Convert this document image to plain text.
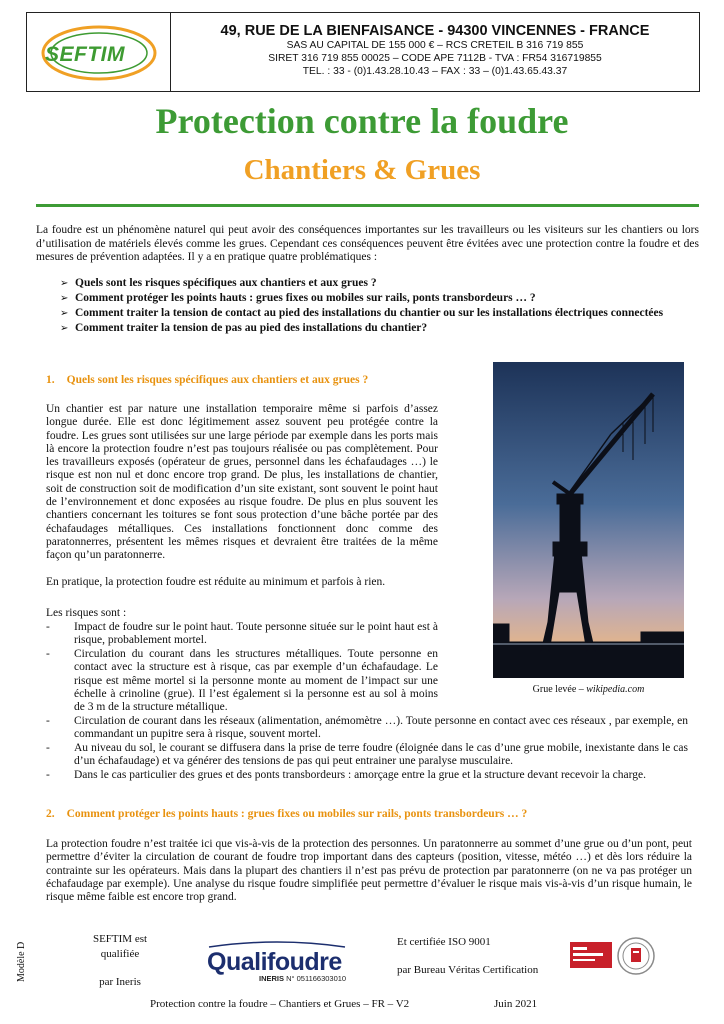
SEFTIM
49, RUE DE LA BIENFAISANCE - 94300 VINCENNES - FRANCE
SAS AU CAPITAL DE 155 000 € – RCS CRETEIL B 316 719 855
SIRET 316 719 855 00025 – CODE APE 7112B - TVA : FR54 316719855
TEL. : 33 - (0)1.43.28.10.43 – FAX : 33 – (0)1.43.65.43.37
Protection contre la foudre
Chantiers & Grues

La foudre est un phénomène naturel qui peut avoir des conséquences importantes sur les travailleurs ou les visiteurs sur les chantiers ou lors d’utilisation de matériels élevés comme les grues. Cependant ces conséquences peuvent être évitées avec une protection contre la foudre et des mesures de prévention adaptées. Il y a en pratique quatre problématiques :

➢ Quels sont les risques spécifiques aux chantiers et aux grues ?
➢ Comment protéger les points hauts : grues fixes ou mobiles sur rails, ponts transbordeurs … ?
➢ Comment traiter la tension de contact au pied des installations du chantier ou sur les installations électriques connectées
➢ Comment traiter la tension de pas au pied des installations du chantier?
1. Quels sont les risques spécifiques aux chantiers et aux grues ?

Un chantier est par nature une installation temporaire même si parfois d’assez longue durée. Elle est donc légitimement assez souvent peu protégée contre la foudre. Les grues sont utilisées sur une large période par exemple dans les ports mais là encore la protection foudre n’est pas toujours réalisée ou pas complètement. Pour les travailleurs exposés (opérateur de grues, personnel dans les échafaudages …) le risque est non nul et donc encore trop grand. De plus, les installations de chantier, soit de construction soit de modification d’un site existant, sont souvent le point haut de l’environnement et donc exposées au risque foudre. De plus en plus souvent les chantiers concernant les toitures se font sous protection d’une bâche portée par des échafaudages métalliques. Ces installations fonctionnent donc comme des paratonnerres, présentent les mêmes risques et devraient être traitées de la même façon qu’un paratonnerre.

En pratique, la protection foudre est réduite au minimum et parfois à rien.

Grue levée – wikipedia.com
Les risques sont :
- Impact de foudre sur le point haut. Toute personne située sur le point haut est à risque, probablement mortel.
- Circulation du courant dans les structures métalliques. Toute personne en contact avec la structure est à risque, cas par exemple d’un échafaudage. Le risque est même mortel si la personne monte au moment de l’impact sur une échelle à crinoline (grue). Il l’est également si la personne est au sol à moins de 3 m de la structure métallique.
- Circulation de courant dans les réseaux (alimentation, anémomètre …). Toute personne en contact avec ces réseaux , par exemple, en commandant un pupitre sera à risque, souvent mortel.
- Au niveau du sol, le courant se diffusera dans la prise de terre foudre (éloignée dans le cas d’une grue mobile, inexistante dans le cas d’un échafaudage) et va générer des tensions de pas qui peut entrainer une paralyse musculaire.
- Dans le cas particulier des grues et des ponts transbordeurs : amorçage entre la grue et la structure devant recevoir la charge.
2. Comment protéger les points hauts : grues fixes ou mobiles sur rails, ponts transbordeurs … ?

La protection foudre n’est traitée ici que vis-à-vis de la protection des personnes. Un paratonnerre au sommet d’une grue ou d’un pont, peut permettre d’éviter la circulation de courant de foudre trop important dans des capteurs (position, vitesse, météo …) et dès lors réduire la contrainte sur les opérateurs. Mais dans la plupart des chantiers il n’est pas prévu de protection par paratonnerre (on ne va pas protéger un échafaudage par exemple). Une analyse du risque foudre simplifiée peut permettre d’évaluer le risque mais vis-à-vis d’un risque humain, le risque même faible est encore trop grand.

Modèle D
SEFTIM est
qualifiée
par Ineris
Qualifoudre
INERIS N° 051166303010
Et certifiée ISO 9001
par Bureau Véritas Certification
Protection contre la foudre – Chantiers et Grues – FR – V2	Juin 2021
